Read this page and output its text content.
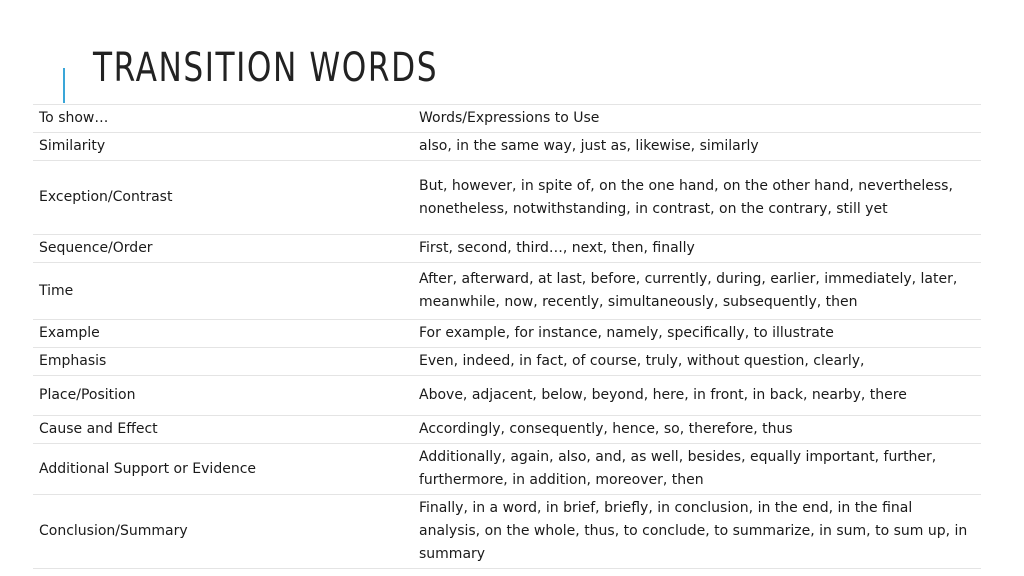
TRANSITION WORDS
To show…	Words/Expressions to Use
Similarity	also, in the same way, just as, likewise, similarly
Exception/Contrast	But, however, in spite of, on the one hand, on the other hand, nevertheless, nonetheless, notwithstanding, in contrast, on the contrary, still yet
Sequence/Order	First, second, third…, next, then, finally
Time	After, afterward, at last, before, currently, during, earlier, immediately, later, meanwhile, now, recently, simultaneously, subsequently, then
Example	For example, for instance, namely, specifically, to illustrate
Emphasis	Even, indeed, in fact, of course, truly, without question, clearly,
Place/Position	Above, adjacent, below, beyond, here, in front, in back, nearby, there
Cause and Effect	Accordingly, consequently, hence, so, therefore, thus
Additional Support or Evidence	Additionally, again, also, and, as well, besides, equally important, further, furthermore, in addition, moreover, then
Conclusion/Summary	Finally, in a word, in brief, briefly, in conclusion, in the end, in the final analysis, on the whole, thus, to conclude, to summarize, in sum, to sum up, in summary
